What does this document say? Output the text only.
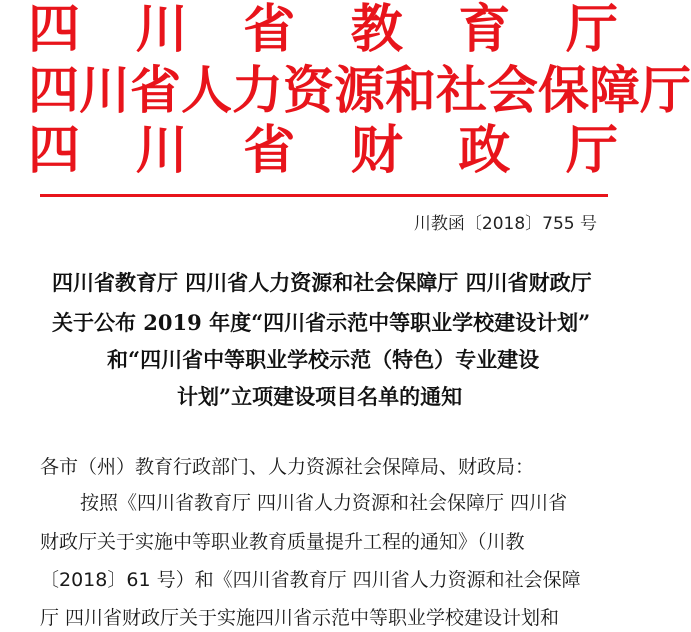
四 川 省 教 育 厅
四川省人力资源和社会保障厅
四 川 省 财 政 厅
川教函〔2018〕755 号
四川省教育厅 四川省人力资源和社会保障厅 四川省财政厅
关于公布 2019 年度“四川省示范中等职业学校建设计划”
和“四川省中等职业学校示范（特色）专业建设
计划”立项建设项目名单的通知
各市（州）教育行政部门、人力资源社会保障局、财政局：
按照《四川省教育厅 四川省人力资源和社会保障厅 四川省
财政厅关于实施中等职业教育质量提升工程的通知》（川教
〔2018〕61 号）和《四川省教育厅 四川省人力资源和社会保障
厅 四川省财政厅关于实施四川省示范中等职业学校建设计划和
